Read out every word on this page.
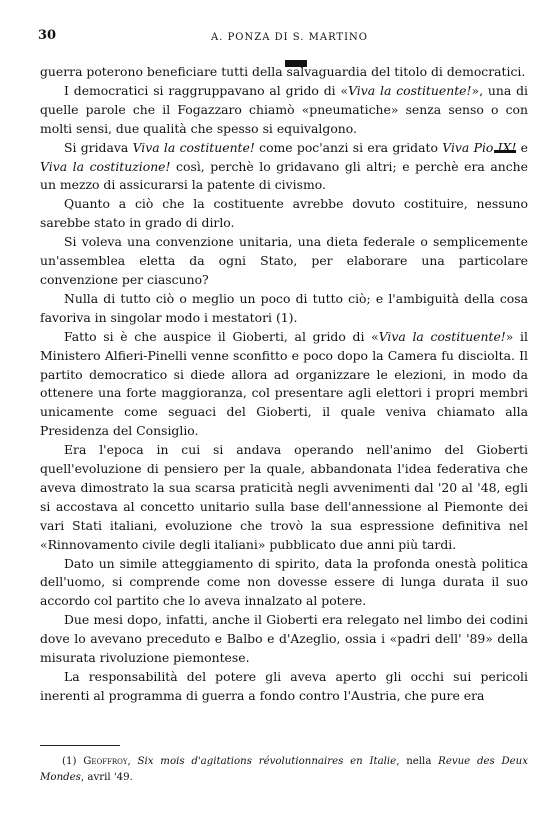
30	A. PONZA DI S. MARTINO

guerra poterono beneficiare tutti della salvaguardia del titolo di democratici.

I democratici si raggruppavano al grido di «Viva la costituente!», una di quelle parole che il Fogazzaro chiamò «pneumatiche» senza senso o con molti sensi, due qualità che spesso si equivalgono.

Si gridava Viva la costituente! come poc'anzi si era gridato Viva Pio IX! e Viva la costituzione! così, perchè lo gridavano gli altri; e perchè era anche un mezzo di assicurarsi la patente di civismo.

Quanto a ciò che la costituente avrebbe dovuto costituire, nessuno sarebbe stato in grado di dirlo.

Si voleva una convenzione unitaria, una dieta federale o semplicemente un'assemblea eletta da ogni Stato, per elaborare una particolare convenzione per ciascuno?

Nulla di tutto ciò o meglio un poco di tutto ciò; e l'ambiguità della cosa favoriva in singolar modo i mestatori (1).

Fatto si è che auspice il Gioberti, al grido di «Viva la costituente!» il Ministero Alfieri-Pinelli venne sconfitto e poco dopo la Camera fu disciolta. Il partito democratico si diede allora ad organizzare le elezioni, in modo da ottenere una forte maggioranza, col presentare agli elettori i propri membri unicamente come seguaci del Gioberti, il quale veniva chiamato alla Presidenza del Consiglio.

Era l'epoca in cui si andava operando nell'animo del Gioberti quell'evoluzione di pensiero per la quale, abbandonata l'idea federativa che aveva dimostrato la sua scarsa praticità negli avvenimenti dal '20 al '48, egli si accostava al concetto unitario sulla base dell'annessione al Piemonte dei vari Stati italiani, evoluzione che trovò la sua espressione definitiva nel «Rinnovamento civile degli italiani» pubblicato due anni più tardi.

Dato un simile atteggiamento di spirito, data la profonda onestà politica dell'uomo, si comprende come non dovesse essere di lunga durata il suo accordo col partito che lo aveva innalzato al potere.

Due mesi dopo, infatti, anche il Gioberti era relegato nel limbo dei codini dove lo avevano preceduto e Balbo e d'Azeglio, ossia i «padri dell' '89» della misurata rivoluzione piemontese.

La responsabilità del potere gli aveva aperto gli occhi sui pericoli inerenti al programma di guerra a fondo contro l'Austria, che pure era

(1) Geoffroy, Six mois d'agitations révolutionnaires en Italie, nella Revue des Deux Mondes, avril '49.
